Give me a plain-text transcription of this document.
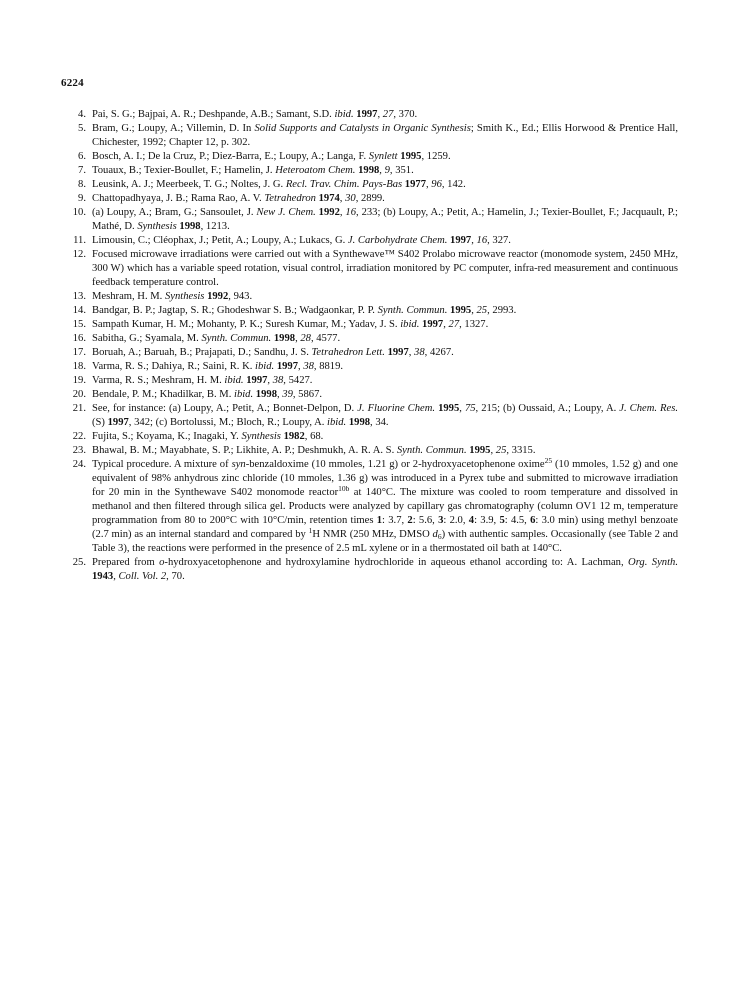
6224
4. Pai, S. G.; Bajpai, A. R.; Deshpande, A.B.; Samant, S.D. ibid. 1997, 27, 370.
5. Bram, G.; Loupy, A.; Villemin, D. In Solid Supports and Catalysts in Organic Synthesis; Smith K., Ed.; Ellis Horwood & Prentice Hall, Chichester, 1992; Chapter 12, p. 302.
6. Bosch, A. I.; De la Cruz, P.; Diez-Barra, E.; Loupy, A.; Langa, F. Synlett 1995, 1259.
7. Touaux, B.; Texier-Boullet, F.; Hamelin, J. Heteroatom Chem. 1998, 9, 351.
8. Leusink, A. J.; Meerbeek, T. G.; Noltes, J. G. Recl. Trav. Chim. Pays-Bas 1977, 96, 142.
9. Chattopadhyaya, J. B.; Rama Rao, A. V. Tetrahedron 1974, 30, 2899.
10. (a) Loupy, A.; Bram, G.; Sansoulet, J. New J. Chem. 1992, 16, 233; (b) Loupy, A.; Petit, A.; Hamelin, J.; Texier-Boullet, F.; Jacquault, P.; Mathé, D. Synthesis 1998, 1213.
11. Limousin, C.; Cléophax, J.; Petit, A.; Loupy, A.; Lukacs, G. J. Carbohydrate Chem. 1997, 16, 327.
12. Focused microwave irradiations were carried out with a Synthewave™ S402 Prolabo microwave reactor (monomode system, 2450 MHz, 300 W) which has a variable speed rotation, visual control, irradiation monitored by PC computer, infra-red measurement and continuous feedback temperature control.
13. Meshram, H. M. Synthesis 1992, 943.
14. Bandgar, B. P.; Jagtap, S. R.; Ghodeshwar S. B.; Wadgaonkar, P. P. Synth. Commun. 1995, 25, 2993.
15. Sampath Kumar, H. M.; Mohanty, P. K.; Suresh Kumar, M.; Yadav, J. S. ibid. 1997, 27, 1327.
16. Sabitha, G.; Syamala, M. Synth. Commun. 1998, 28, 4577.
17. Boruah, A.; Baruah, B.; Prajapati, D.; Sandhu, J. S. Tetrahedron Lett. 1997, 38, 4267.
18. Varma, R. S.; Dahiya, R.; Saini, R. K. ibid. 1997, 38, 8819.
19. Varma, R. S.; Meshram, H. M. ibid. 1997, 38, 5427.
20. Bendale, P. M.; Khadilkar, B. M. ibid. 1998, 39, 5867.
21. See, for instance: (a) Loupy, A.; Petit, A.; Bonnet-Delpon, D. J. Fluorine Chem. 1995, 75, 215; (b) Oussaid, A.; Loupy, A. J. Chem. Res. (S) 1997, 342; (c) Bortolussi, M.; Bloch, R.; Loupy, A. ibid. 1998, 34.
22. Fujita, S.; Koyama, K.; Inagaki, Y. Synthesis 1982, 68.
23. Bhawal, B. M.; Mayabhate, S. P.; Likhite, A. P.; Deshmukh, A. R. A. S. Synth. Commun. 1995, 25, 3315.
24. Typical procedure. A mixture of syn-benzaldoxime (10 mmoles, 1.21 g) or 2-hydroxyacetophenone oxime$^{25}$ (10 mmoles, 1.52 g) and one equivalent of 98% anhydrous zinc chloride (10 mmoles, 1.36 g) was introduced in a Pyrex tube and submitted to microwave irradiation for 20 min in the Synthewave S402 monomode reactor$^{10b}$ at 140°C. The mixture was cooled to room temperature and dissolved in methanol and then filtered through silica gel. Products were analyzed by capillary gas chromatography (column OV1 12 m, temperature programmation from 80 to 200°C with 10°C/min, retention times 1: 3.7, 2: 5.6, 3: 2.0, 4: 3.9, 5: 4.5, 6: 3.0 min) using methyl benzoate (2.7 min) as an internal standard and compared by $^1$H NMR (250 MHz, DMSO $d_6$) with authentic samples. Occasionally (see Table 2 and Table 3), the reactions were performed in the presence of 2.5 mL xylene or in a thermostated oil bath at 140°C.
25. Prepared from o-hydroxyacetophenone and hydroxylamine hydrochloride in aqueous ethanol according to: A. Lachman, Org. Synth. 1943, Coll. Vol. 2, 70.
